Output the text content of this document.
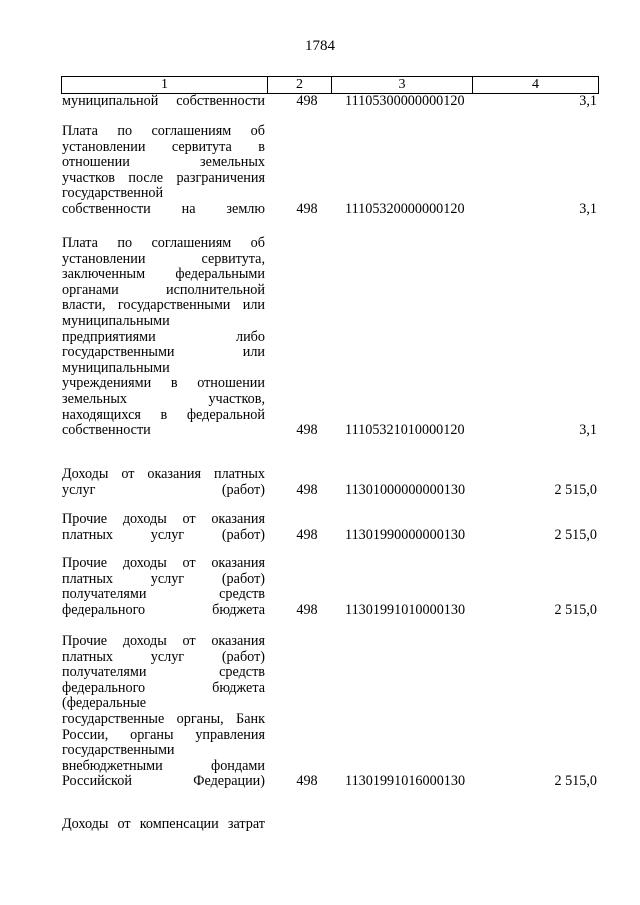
1784
1	2	3	4
муниципальной собственности	498	11105300000000120	3,1
Плата по соглашениям об
установлении сервитута в
отношении земельных
участков после разграничения
государственной
собственности на землю	498	11105320000000120	3,1
Плата по соглашениям об
установлении сервитута,
заключенным федеральными
органами исполнительной
власти, государственными или
муниципальными
предприятиями либо
государственными или
муниципальными
учреждениями в отношении
земельных участков,
находящихся в федеральной
собственности	498	11105321010000120	3,1
Доходы от оказания платных
услуг (работ)	498	11301000000000130	2 515,0
Прочие доходы от оказания
платных услуг (работ)	498	11301990000000130	2 515,0
Прочие доходы от оказания
платных услуг (работ)
получателями средств
федерального бюджета	498	11301991010000130	2 515,0
Прочие доходы от оказания
платных услуг (работ)
получателями средств
федерального бюджета
(федеральные
государственные органы, Банк
России, органы управления
государственными
внебюджетными фондами
Российской Федерации)	498	11301991016000130	2 515,0
Доходы от компенсации затрат
